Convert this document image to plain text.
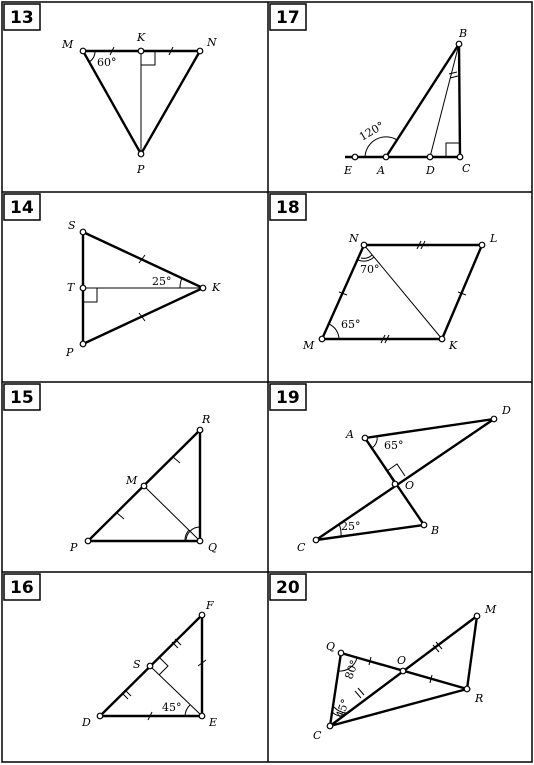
13	17
14	18
15	19
16	20
M
K	N
P
60°
B
E A	D C
120°
S
T	K
P
25°
N	L
M	K
70°
65°
R
M
P	Q
A
D
O
C
B
65°
25°
F
S
D	E
45°
Q
O
M
R
C
80°
45°
